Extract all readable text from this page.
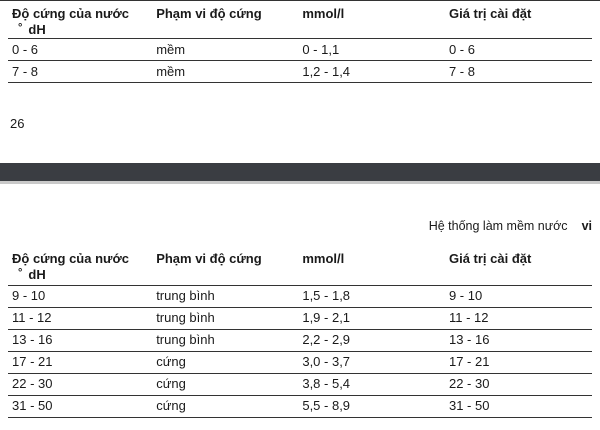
Độ cứng của nước
° dH	Phạm vi độ cứng	mmol/l	Giá trị cài đặt
0 - 6	mềm	0 - 1,1	0 - 6
7 - 8	mềm	1,2 - 1,4	7 - 8
26
Hệ thống làm mềm nước vi
Độ cứng của nước
° dH	Phạm vi độ cứng	mmol/l	Giá trị cài đặt
9 - 10	trung bình	1,5 - 1,8	9 - 10
11 - 12	trung bình	1,9 - 2,1	11 - 12
13 - 16	trung bình	2,2 - 2,9	13 - 16
17 - 21	cứng	3,0 - 3,7	17 - 21
22 - 30	cứng	3,8 - 5,4	22 - 30
31 - 50	cứng	5,5 - 8,9	31 - 50
